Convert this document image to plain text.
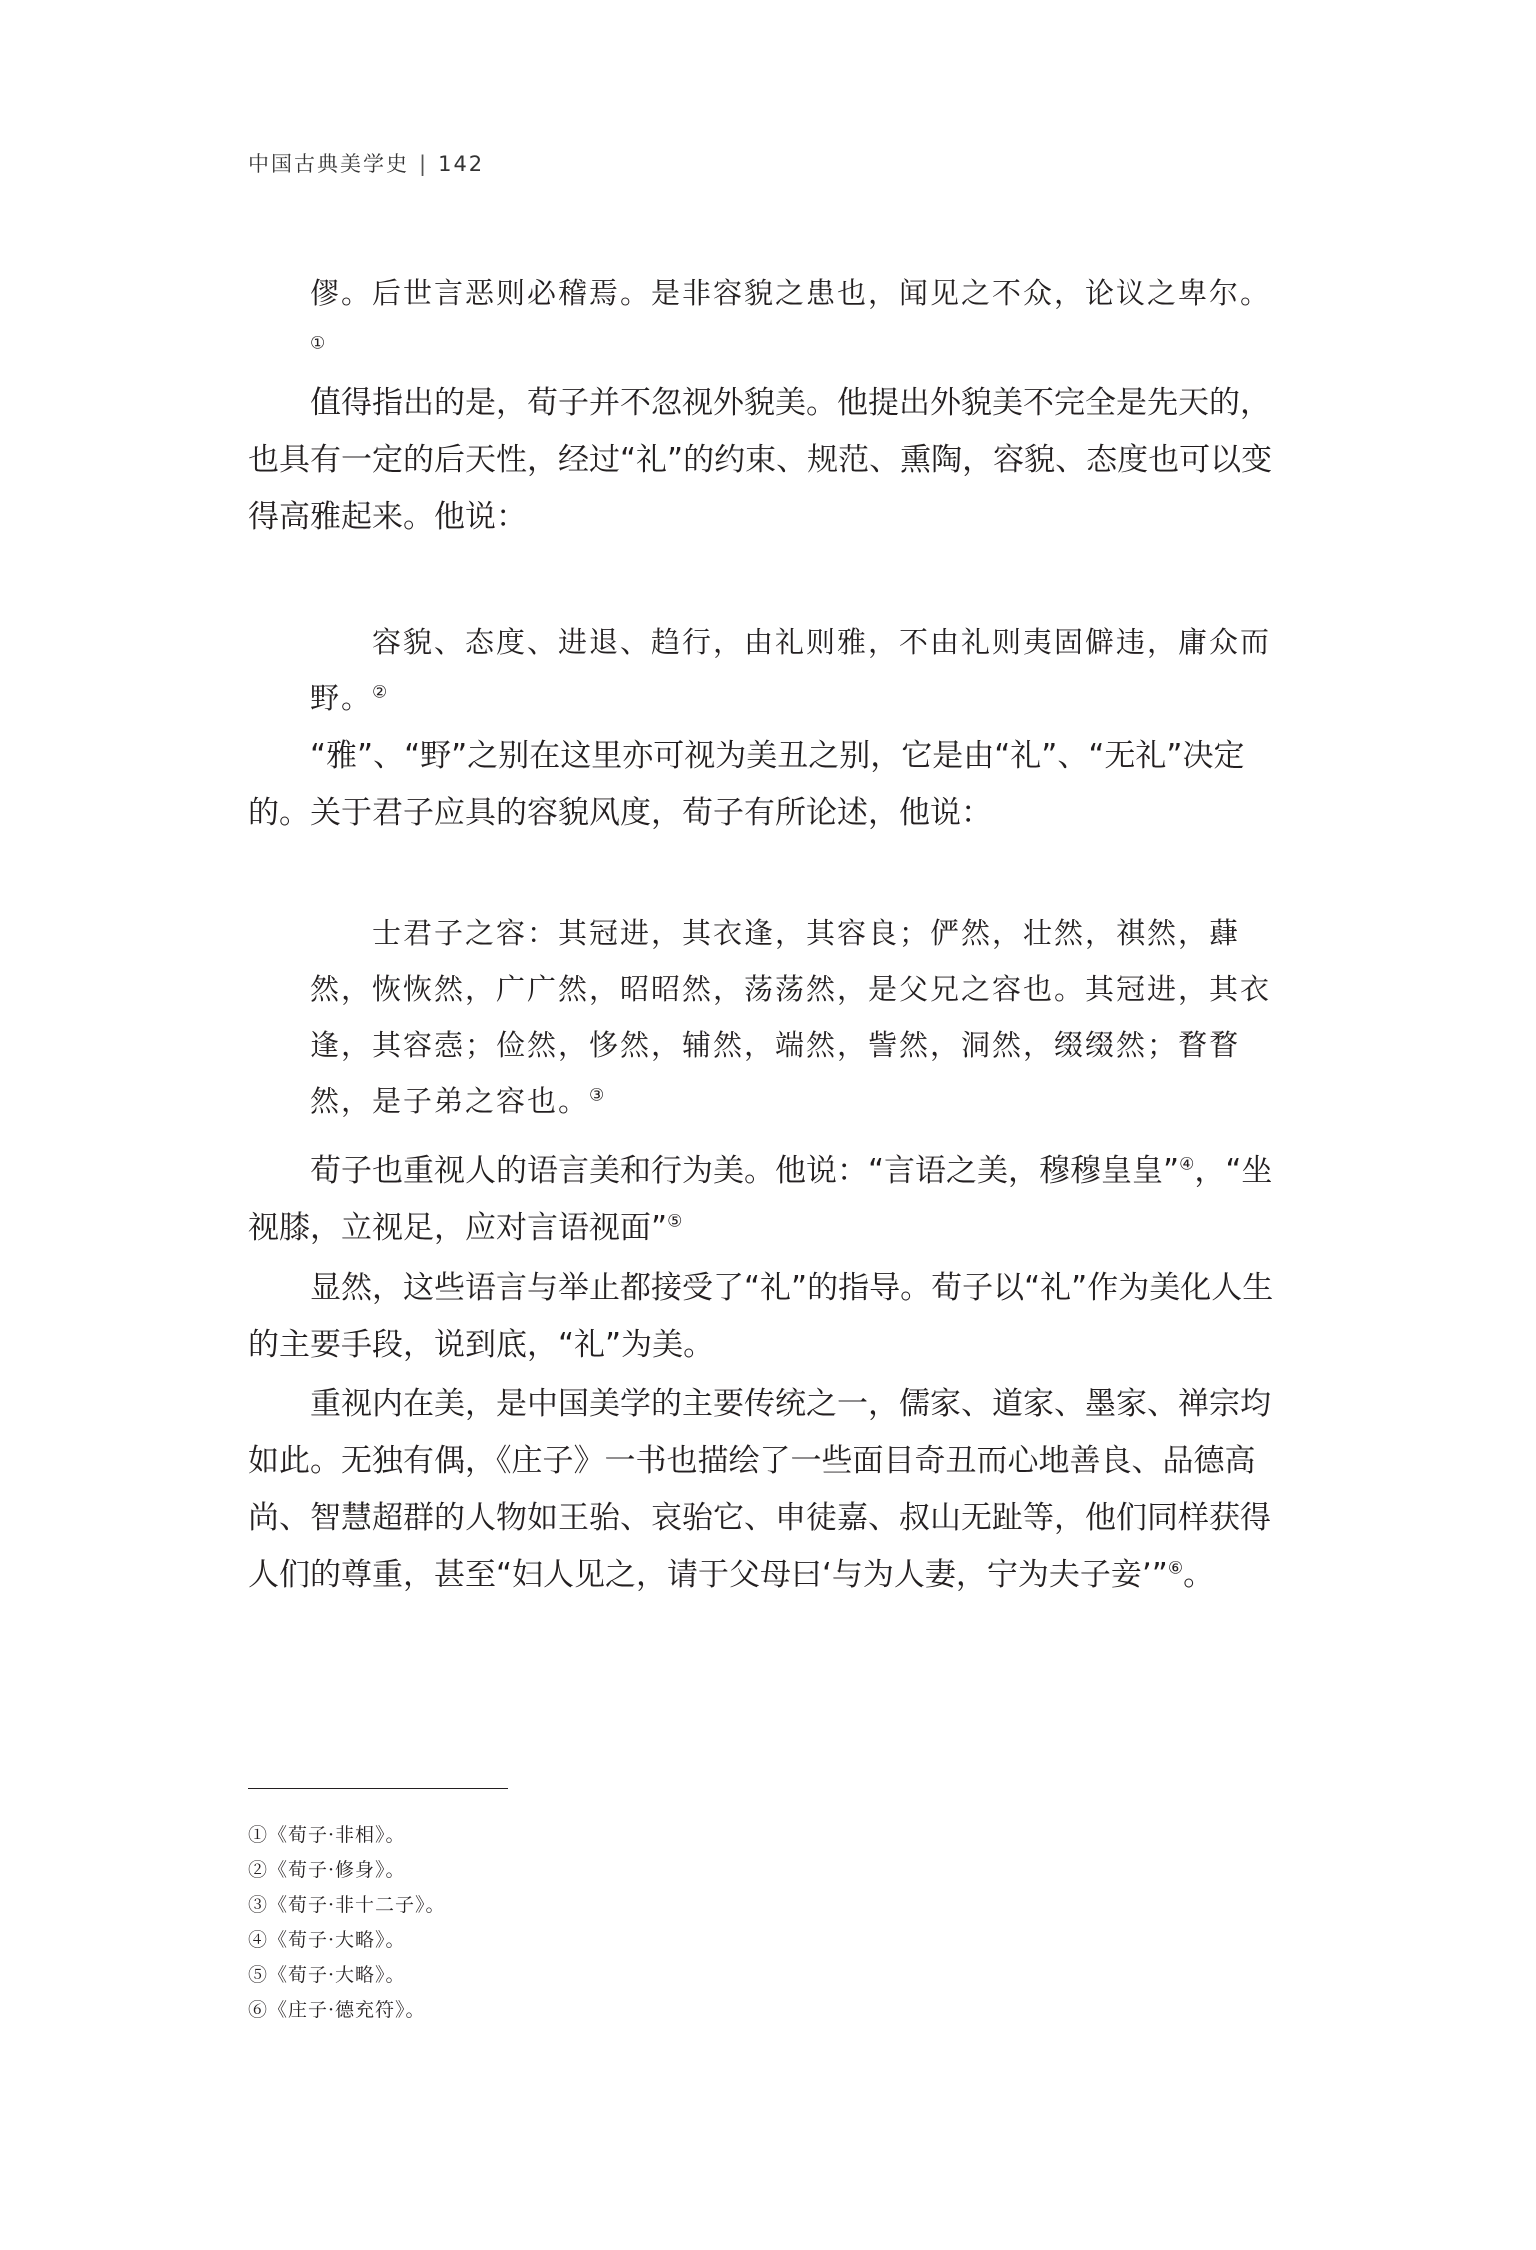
中国古典美学史 | 142

僇。后世言恶则必稽焉。是非容貌之患也，闻见之不众，论议之卑尔。①

值得指出的是，荀子并不忽视外貌美。他提出外貌美不完全是先天的，也具有一定的后天性，经过“礼”的约束、规范、熏陶，容貌、态度也可以变得高雅起来。他说：

容貌、态度、进退、趋行，由礼则雅，不由礼则夷固僻违，庸众而野。②

“雅”、“野”之别在这里亦可视为美丑之别，它是由“礼”、“无礼”决定的。 关于君子应具的容貌风度，荀子有所论述，他说：

士君子之容：其冠进，其衣逢，其容良；俨然，壮然，祺然，蕼然，恢恢然，广广然，昭昭然，荡荡然，是父兄之容也。其冠进，其衣逢，其容悫；俭然，恀然，辅然，端然，訾然，洞然，缀缀然；瞀瞀然，是子弟之容也。③

荀子也重视人的语言美和行为美。他说：“言语之美，穆穆皇皇”④，“坐视膝，立视足，应对言语视面”⑤

显然，这些语言与举止都接受了“礼”的指导。荀子以“礼”作为美化人生的主要手段，说到底，“礼”为美。

重视内在美，是中国美学的主要传统之一，儒家、道家、墨家、禅宗均如此。无独有偶，《庄子》一书也描绘了一些面目奇丑而心地善良、品德高尚、智慧超群的人物如王骀、哀骀它、申徒嘉、叔山无趾等，他们同样获得人们的尊重，甚至“妇人见之，请于父母曰‘与为人妻，宁为夫子妾’”⑥。

①《荀子·非相》。
②《荀子·修身》。
③《荀子·非十二子》。
④《荀子·大略》。
⑤《荀子·大略》。
⑥《庄子·德充符》。
